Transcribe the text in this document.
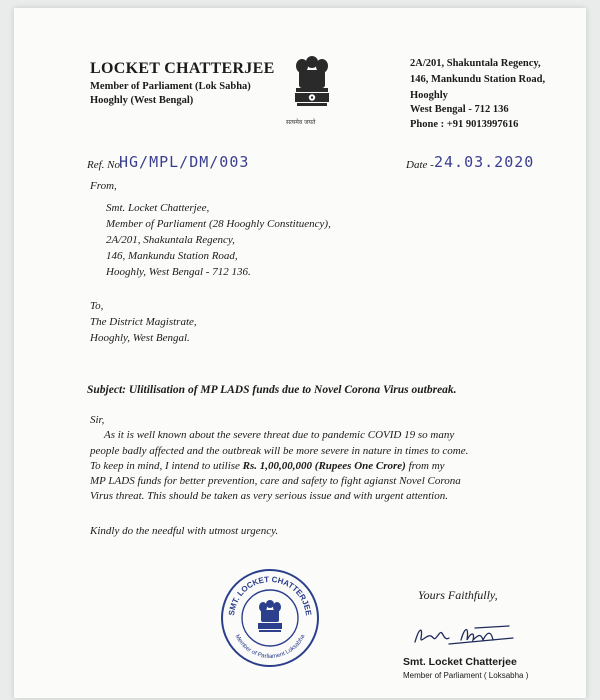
LOCKET CHATTERJEE
Member of Parliament (Lok Sabha)
Hooghly (West Bengal)
सत्यमेव जयते
2A/201, Shakuntala Regency,
146, Mankundu Station Road,
Hooghly
West Bengal - 712 136
Phone : +91 9013997616
Ref. No.
HG/MPL/DM/003	Date - 24.03.2020
From,
Smt. Locket Chatterjee,
Member of Parliament (28 Hooghly Constituency),
2A/201, Shakuntala Regency,
146, Mankundu Station Road,
Hooghly, West Bengal - 712 136.
To,
The District Magistrate,
Hooghly, West Bengal.
Subject: Ulitilisation of MP LADS funds due to Novel Corona Virus outbreak.
Sir,
As it is well known about the severe threat due to pandemic COVID 19 so many
people badly affected and the outbreak will be more severe in nature in times to come.
To keep in mind, I intend to utilise Rs. 1,00,00,000 (Rupees One Crore) from my
MP LADS funds for better prevention, care and safety to fight agianst Novel Corona
Virus threat. This should be taken as very serious issue and with urgent attention.
Kindly do the needful with utmost urgency.
SMT. LOCKET CHATTERJEE
Member of Parliament Loksabha
Yours Faithfully,
Smt. Locket Chatterjee
Member of Parliament ( Loksabha )
